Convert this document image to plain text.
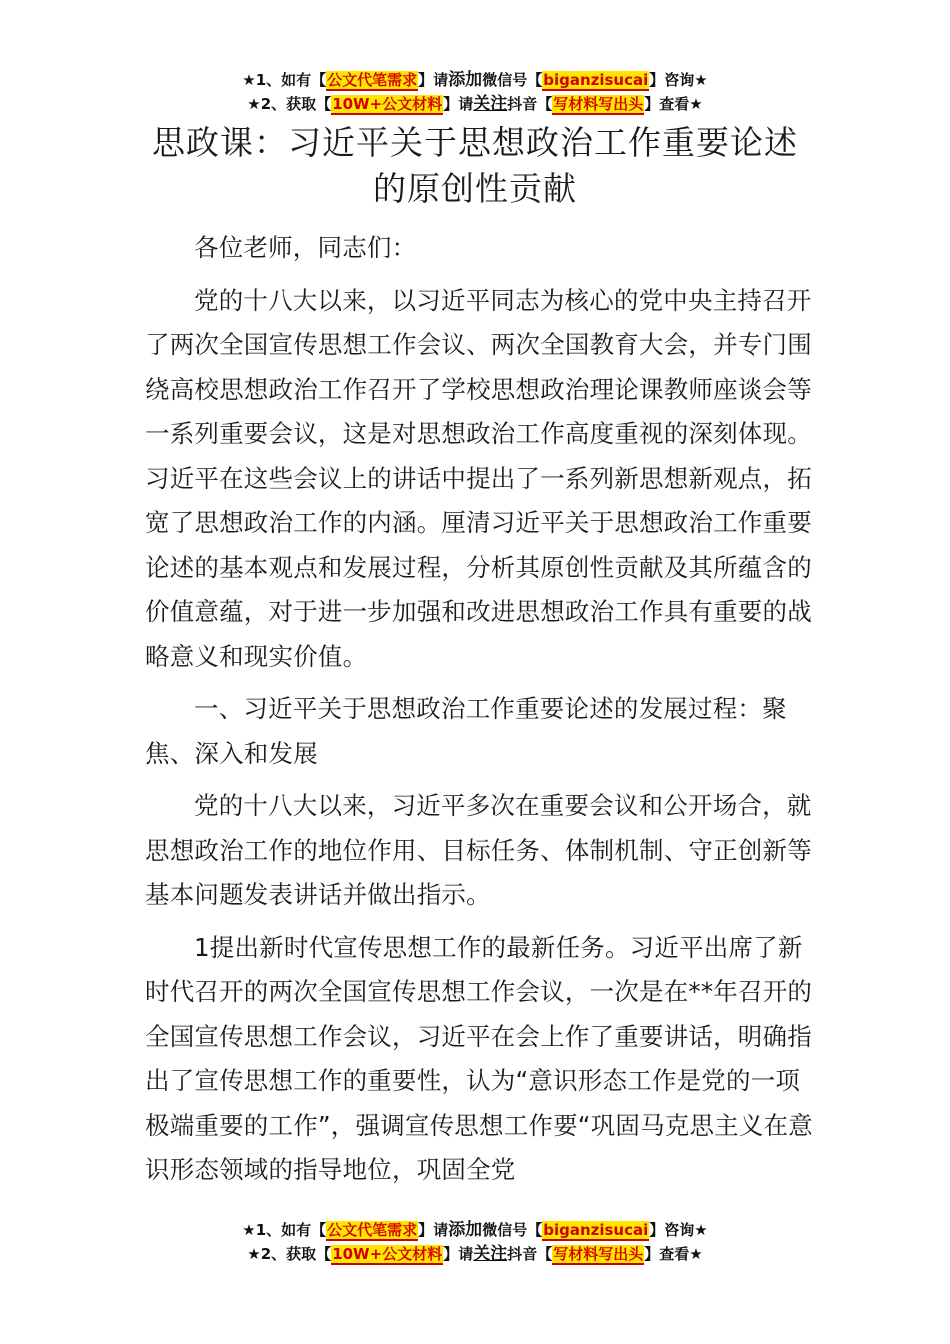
★1、如有【公文代笔需求】请添加微信号【biganzisucai】咨询★
★2、获取【10W+公文材料】请关注抖音【写材料写出头】查看★
思政课：习近平关于思想政治工作重要论述
的原创性贡献

各位老师，同志们：

党的十八大以来，以习近平同志为核心的党中央主持召开了两次全国宣传思想工作会议、两次全国教育大会，并专门围绕高校思想政治工作召开了学校思想政治理论课教师座谈会等一系列重要会议，这是对思想政治工作高度重视的深刻体现。习近平在这些会议上的讲话中提出了一系列新思想新观点，拓宽了思想政治工作的内涵。厘清习近平关于思想政治工作重要论述的基本观点和发展过程，分析其原创性贡献及其所蕴含的价值意蕴，对于进一步加强和改进思想政治工作具有重要的战略意义和现实价值。

一、习近平关于思想政治工作重要论述的发展过程：聚焦、深入和发展

党的十八大以来，习近平多次在重要会议和公开场合，就思想政治工作的地位作用、目标任务、体制机制、守正创新等基本问题发表讲话并做出指示。

1提出新时代宣传思想工作的最新任务。习近平出席了新时代召开的两次全国宣传思想工作会议，一次是在**年召开的全国宣传思想工作会议，习近平在会上作了重要讲话，明确指出了宣传思想工作的重要性，认为“意识形态工作是党的一项极端重要的工作”，强调宣传思想工作要“巩固马克思主义在意识形态领域的指导地位，巩固全党

★1、如有【公文代笔需求】请添加微信号【biganzisucai】咨询★
★2、获取【10W+公文材料】请关注抖音【写材料写出头】查看★
